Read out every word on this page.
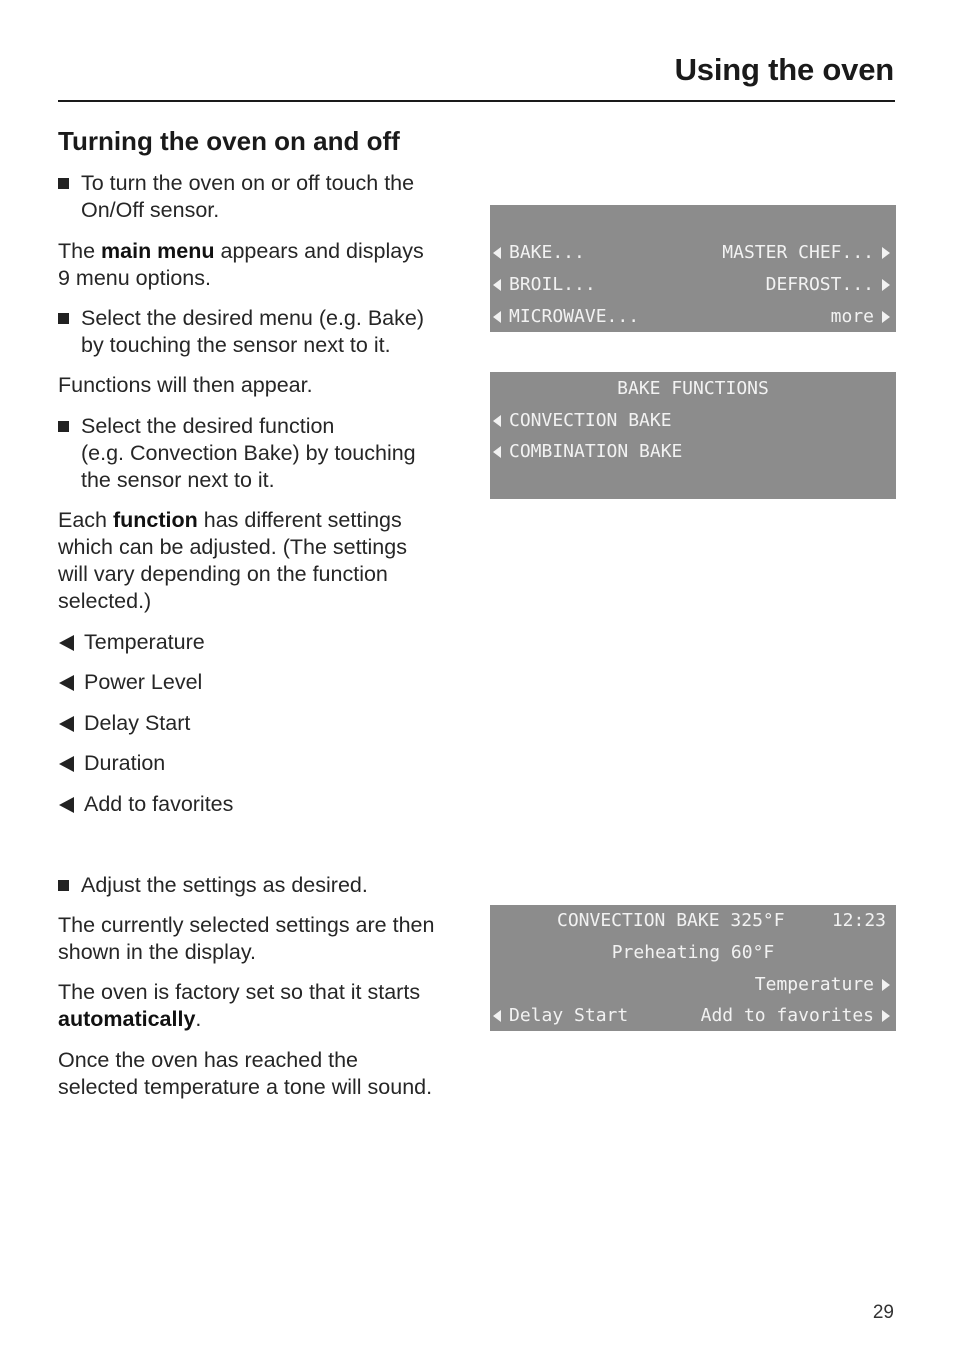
Using the oven
Turning the oven on and off
To turn the oven on or off touch the
On/Off sensor.
The main menu appears and displays
9 menu options.
Select the desired menu (e.g. Bake)
by touching the sensor next to it.
Functions will then appear.
Select the desired function
(e.g. Convection Bake) by touching
the sensor next to it.
Each function has different settings
which can be adjusted. (The settings
will vary depending on the function
selected.)
Temperature
Power Level
Delay Start
Duration
Add to favorites
Adjust the settings as desired.
The currently selected settings are then
shown in the display.
The oven is factory set so that it starts
automatically.
Once the oven has reached the
selected temperature a tone will sound.
BAKE...	MASTER CHEF...
BROIL...	DEFROST...
MICROWAVE...	more
BAKE FUNCTIONS
CONVECTION BAKE
COMBINATION BAKE
CONVECTION BAKE 325°F	12:23
Preheating 60°F
Temperature
Delay Start	Add to favorites
29
